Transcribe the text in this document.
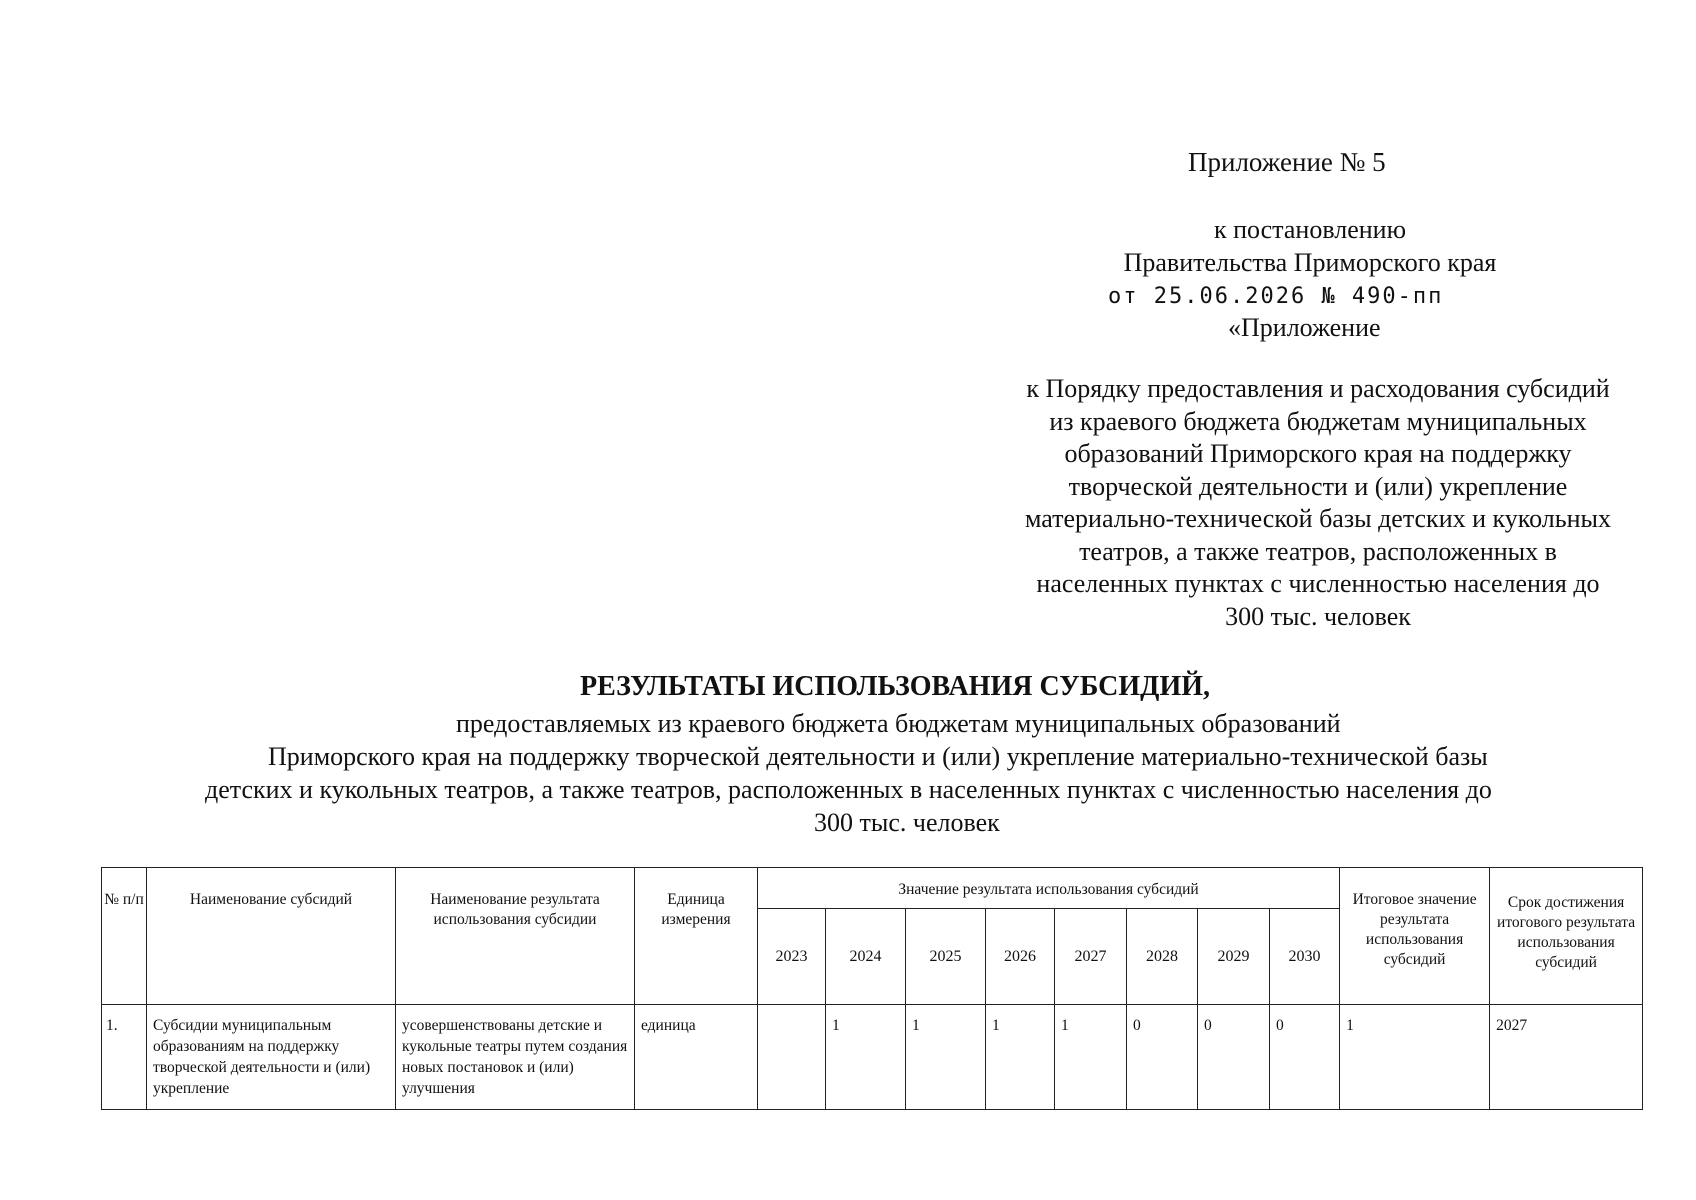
Приложение № 5
к постановлению
Правительства Приморского края
от 25.06.2026 № 490-пп
«Приложение
к Порядку предоставления и расходования субсидий
из краевого бюджета бюджетам муниципальных
образований Приморского края на поддержку
творческой деятельности и (или) укрепление
материально-технической базы детских и кукольных
театров, а также театров, расположенных в
населенных пунктах с численностью населения до
300 тыс. человек
РЕЗУЛЬТАТЫ ИСПОЛЬЗОВАНИЯ СУБСИДИЙ,
предоставляемых из краевого бюджета бюджетам муниципальных образований
Приморского края на поддержку творческой деятельности и (или) укрепление материально-технической базы
детских и кукольных театров, а также театров, расположенных в населенных пунктах с численностью населения до
300 тыс. человек
№ п/п	Наименование субсидий	Наименование результата использования субсидии	Единица измерения	Значение результата использования субсидий								Итоговое значение результата использования субсидий	Срок достижения итогового результата использования субсидий
				2023	2024	2025	2026	2027	2028	2029	2030		
1.	Субсидии муниципальным образованиям на поддержку творческой деятельности и (или) укрепление	усовершенствованы детские и кукольные театры путем создания новых постановок и (или) улучшения	единица		1	1	1	1	0	0	0	1	2027
